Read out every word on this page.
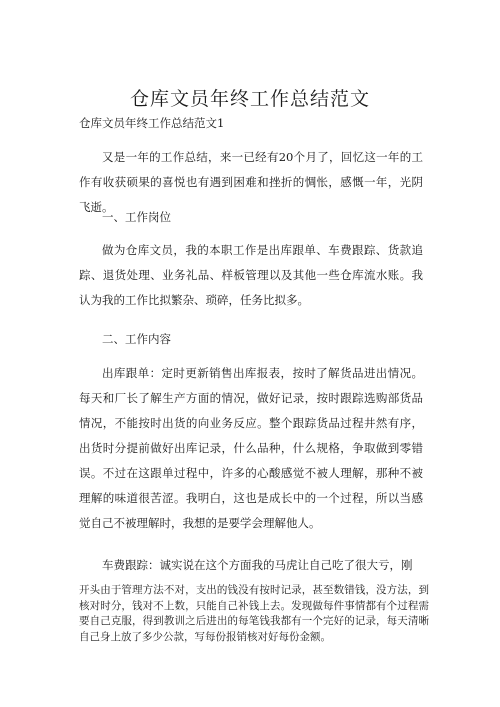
仓库文员年终工作总结范文

仓库文员年终工作总结范文1

又是一年的工作总结，来一已经有20个月了，回忆这一年的工作有收获硕果的喜悦也有遇到困难和挫折的惆怅，感慨一年，光阴飞逝。

一、工作岗位

做为仓库文员，我的本职工作是出库跟单、车费跟踪、货款追踪、退货处理、业务礼品、样板管理以及其他一些仓库流水账。我认为我的工作比拟繁杂、琐碎，任务比拟多。

二、工作内容

出库跟单：定时更新销售出库报表，按时了解货品进出情况。每天和厂长了解生产方面的情况，做好记录，按时跟踪选购部货品情况，不能按时出货的向业务反应。整个跟踪货品过程井然有序，出货时分提前做好出库记录，什么品种，什么规格，争取做到零错误。不过在这跟单过程中，许多的心酸感觉不被人理解，那种不被理解的味道很苦涩。我明白，这也是成长中的一个过程，所以当感觉自己不被理解时，我想的是要学会理解他人。

车费跟踪：诚实说在这个方面我的马虎让自己吃了很大亏，刚

开头由于管理方法不对，支出的钱没有按时记录，甚至数错钱，没方法，到核对时分，钱对不上数，只能自己补钱上去。发现做每件事情都有个过程需要自己克服，得到教训之后进出的每笔钱我都有一个完好的记录，每天清晰自己身上放了多少公款，写每份报销核对好每份金额。
